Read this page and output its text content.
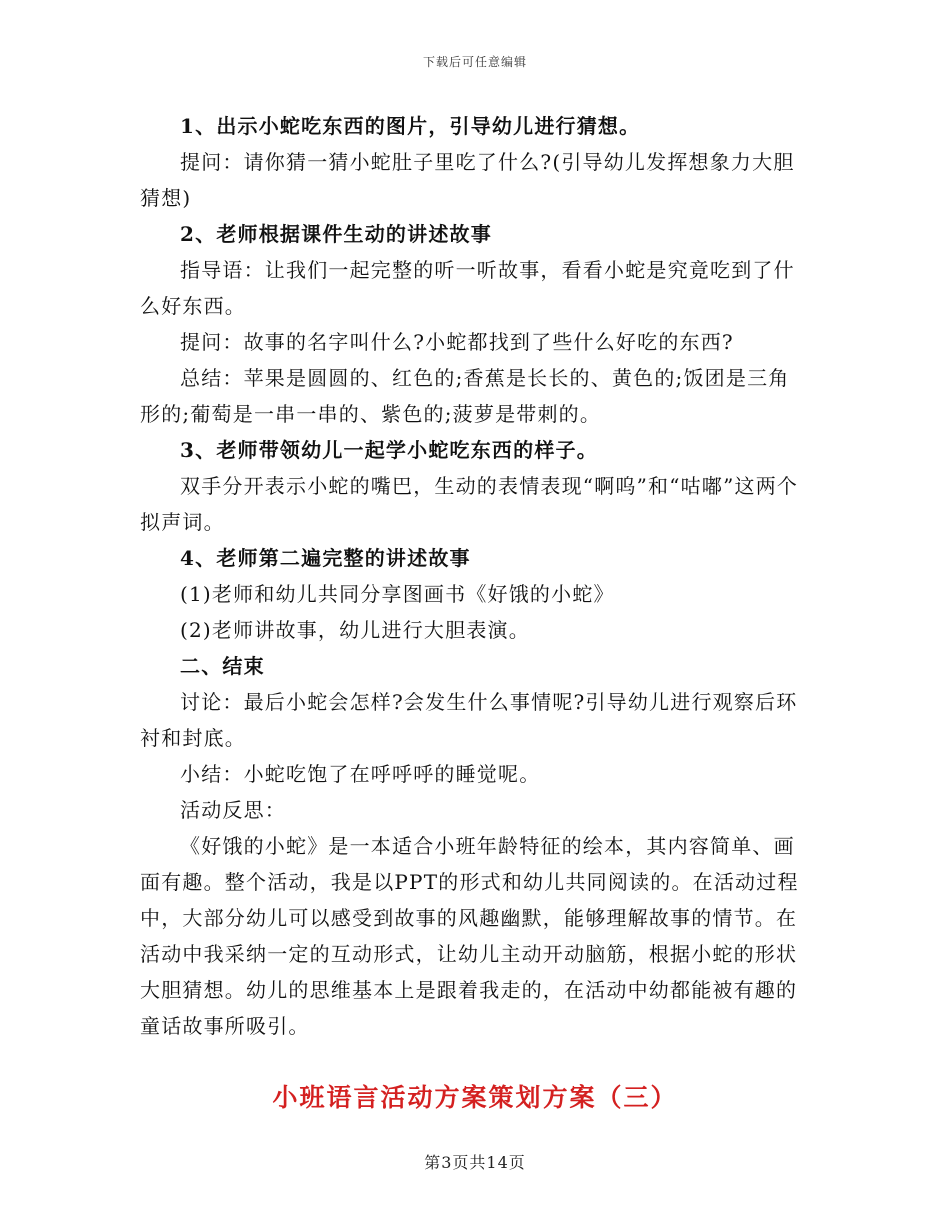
下载后可任意编辑

1、出示小蛇吃东西的图片，引导幼儿进行猜想。

提问：请你猜一猜小蛇肚子里吃了什么?(引导幼儿发挥想象力大胆猜想)

2、老师根据课件生动的讲述故事

指导语：让我们一起完整的听一听故事，看看小蛇是究竟吃到了什么好东西。

提问：故事的名字叫什么?小蛇都找到了些什么好吃的东西?

总结：苹果是圆圆的、红色的;香蕉是长长的、黄色的;饭团是三角形的;葡萄是一串一串的、紫色的;菠萝是带刺的。

3、老师带领幼儿一起学小蛇吃东西的样子。

双手分开表示小蛇的嘴巴，生动的表情表现“啊呜”和“咕嘟”这两个拟声词。

4、老师第二遍完整的讲述故事

(1)老师和幼儿共同分享图画书《好饿的小蛇》

(2)老师讲故事，幼儿进行大胆表演。

二、结束

讨论：最后小蛇会怎样?会发生什么事情呢?引导幼儿进行观察后环衬和封底。

小结：小蛇吃饱了在呼呼呼的睡觉呢。

活动反思：

《好饿的小蛇》是一本适合小班年龄特征的绘本，其内容简单、画面有趣。整个活动，我是以PPT的形式和幼儿共同阅读的。在活动过程中，大部分幼儿可以感受到故事的风趣幽默，能够理解故事的情节。在活动中我采纳一定的互动形式，让幼儿主动开动脑筋，根据小蛇的形状大胆猜想。幼儿的思维基本上是跟着我走的，在活动中幼都能被有趣的童话故事所吸引。

小班语言活动方案策划方案（三）
第3页共14页
